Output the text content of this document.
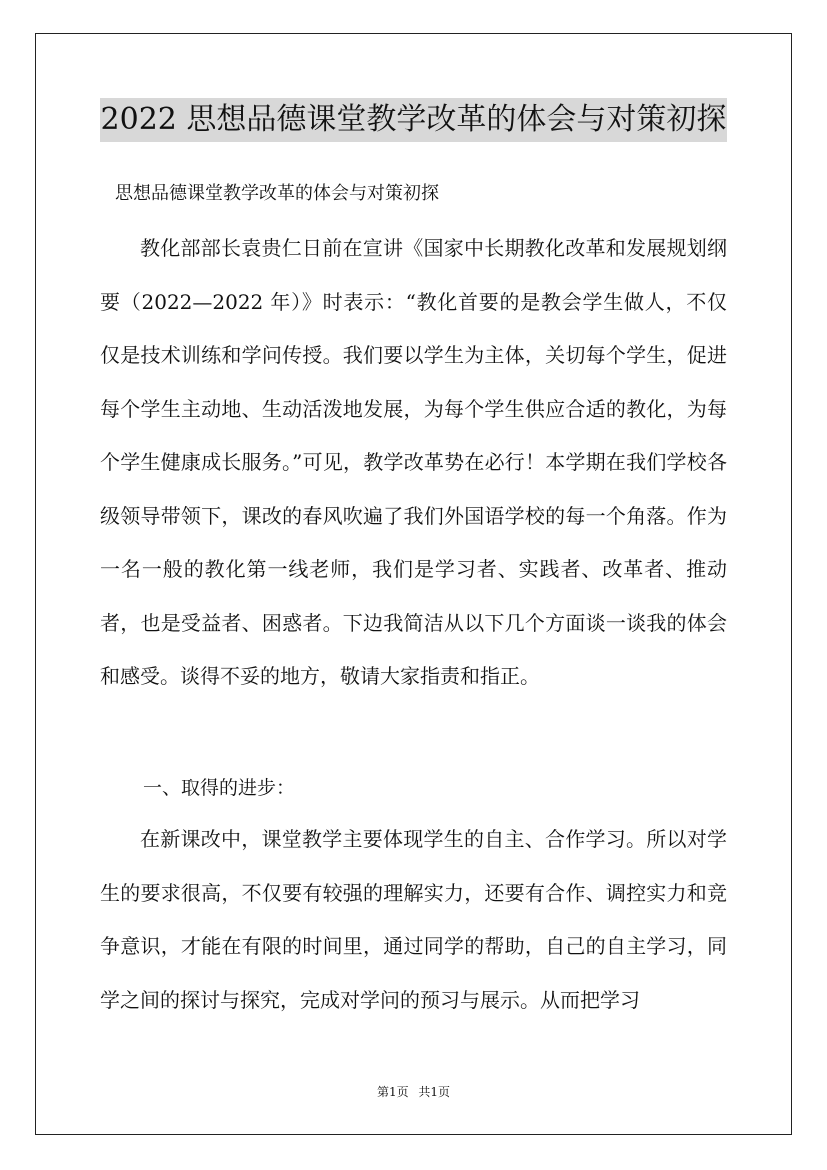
2022 思想品德课堂教学改革的体会与对策初探
思想品德课堂教学改革的体会与对策初探

教化部部长袁贵仁日前在宣讲《国家中长期教化改革和发展规划纲要（2022—2022 年）》时表示：“教化首要的是教会学生做人，不仅仅是技术训练和学问传授。我们要以学生为主体，关切每个学生，促进每个学生主动地、生动活泼地发展，为每个学生供应合适的教化，为每个学生健康成长服务。”可见，教学改革势在必行！本学期在我们学校各级领导带领下，课改的春风吹遍了我们外国语学校的每一个角落。作为一名一般的教化第一线老师，我们是学习者、实践者、改革者、推动者，也是受益者、困惑者。下边我简洁从以下几个方面谈一谈我的体会和感受。谈得不妥的地方，敬请大家指责和指正。

一、取得的进步：

在新课改中，课堂教学主要体现学生的自主、合作学习。所以对学生的要求很高，不仅要有较强的理解实力，还要有合作、调控实力和竞争意识，才能在有限的时间里，通过同学的帮助，自己的自主学习，同学之间的探讨与探究，完成对学问的预习与展示。从而把学习

第1页 共1页
